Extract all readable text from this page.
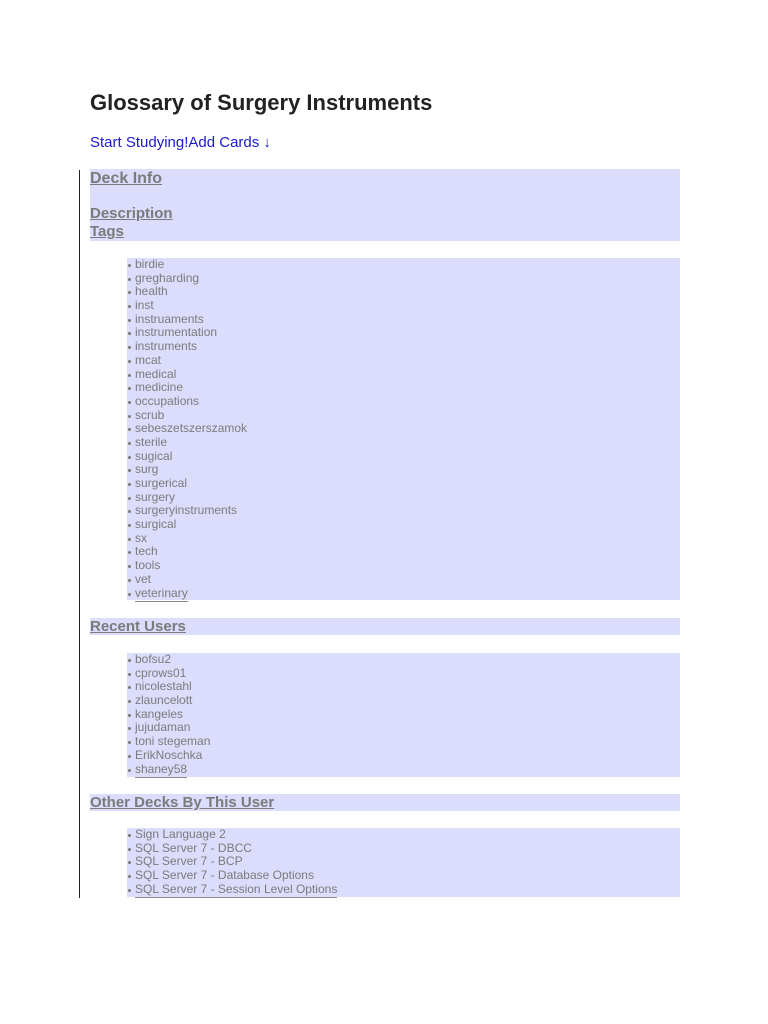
Glossary of Surgery Instruments
Start Studying!Add Cards ↓
Deck Info
Description
Tags
birdie
gregharding
health
inst
instruaments
instrumentation
instruments
mcat
medical
medicine
occupations
scrub
sebeszetszerszamok
sterile
sugical
surg
surgerical
surgery
surgeryinstruments
surgical
sx
tech
tools
vet
veterinary
Recent Users
bofsu2
cprows01
nicolestahl
zlauncelott
kangeles
jujudaman
toni stegeman
ErikNoschka
shaney58
Other Decks By This User
Sign Language 2
SQL Server 7 - DBCC
SQL Server 7 - BCP
SQL Server 7 - Database Options
SQL Server 7 - Session Level Options
